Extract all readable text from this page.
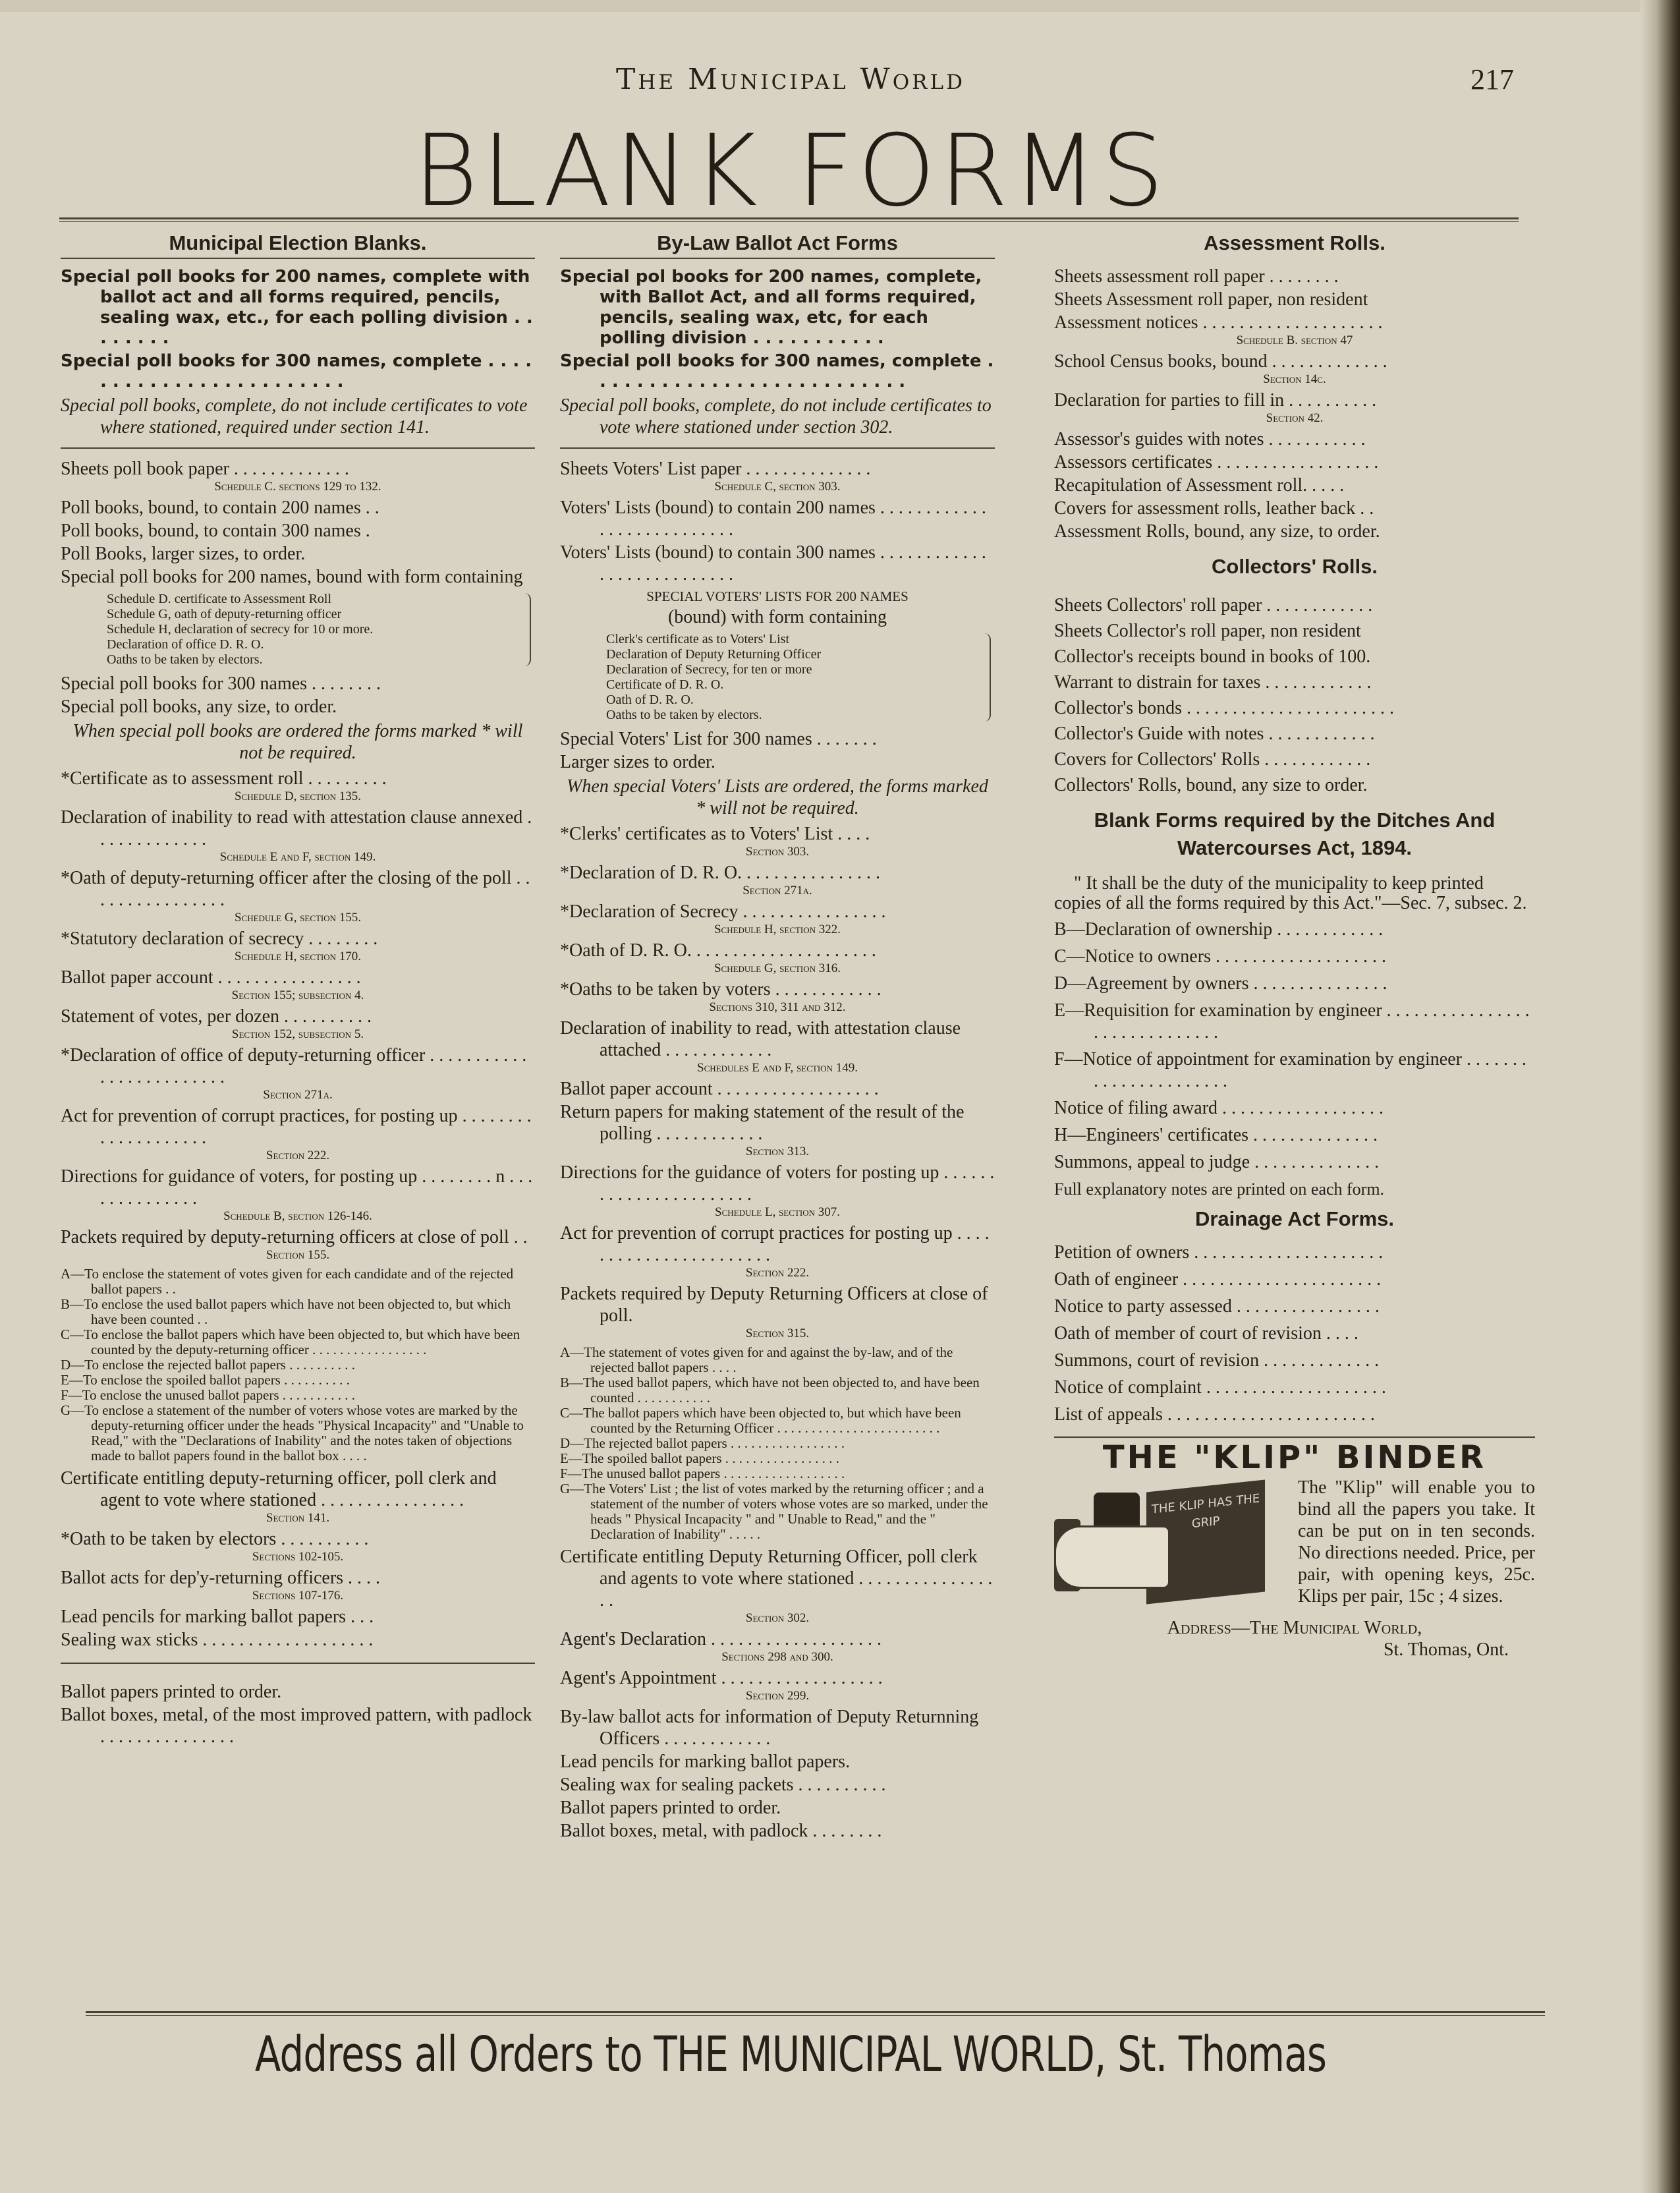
The Municipal World	217
BLANK FORMS
Municipal Election Blanks.
Special poll books for 200 names, complete with ballot act and all forms required, pencils, sealing wax, etc., for each polling division . . . . . . . .
Special poll books for 300 names, complete . . . . . . . . . . . . . . . . . . . . . . . .
Special poll books, complete, do not include certificates to vote where stationed, required under section 141.
Sheets poll book paper . . . . . . . . . . . . .
Schedule C. sections 129 to 132.
Poll books, bound, to contain 200 names . .
Poll books, bound, to contain 300 names .
Poll Books, larger sizes, to order.
Special poll books for 200 names, bound with form containing
Schedule D. certificate to Assessment Roll
Schedule G, oath of deputy-returning officer
Schedule H, declaration of secrecy for 10 or more.
Declaration of office D. R. O.
Oaths to be taken by electors.
Special poll books for 300 names . . . . . . . .
Special poll books, any size, to order.
When special poll books are ordered the forms marked * will not be required.
*Certificate as to assessment roll . . . . . . . . .
Schedule D, section 135.
Declaration of inability to read with attestation clause annexed . . . . . . . . . . . . .
Schedule E and F, section 149.
*Oath of deputy-returning officer after the closing of the poll . . . . . . . . . . . . . . . .
Schedule G, section 155.
*Statutory declaration of secrecy . . . . . . . .
Schedule H, section 170.
Ballot paper account . . . . . . . . . . . . . . . .
Section 155; subsection 4.
Statement of votes, per dozen . . . . . . . . . .
Section 152, subsection 5.
*Declaration of office of deputy-returning officer . . . . . . . . . . . . . . . . . . . . . . . . .
Section 271a.
Act for prevention of corrupt practices, for posting up . . . . . . . . . . . . . . . . . . . .
Section 222.
Directions for guidance of voters, for posting up . . . . . . . . n . . . . . . . . . . . . . .
Schedule B, section 126-146.
Packets required by deputy-returning officers at close of poll . .
Section 155.
A—To enclose the statement of votes given for each candidate and of the rejected ballot papers . .
B—To enclose the used ballot papers which have not been objected to, but which have been counted . .
C—To enclose the ballot papers which have been objected to, but which have been counted by the deputy-returning officer . . . . . . . . . . . . . . . . .
D—To enclose the rejected ballot papers . . . . . . . . . .
E—To enclose the spoiled ballot papers . . . . . . . . . .
F—To enclose the unused ballot papers . . . . . . . . . . .
G—To enclose a statement of the number of voters whose votes are marked by the deputy-returning officer under the heads "Physical Incapacity" and "Unable to Read," with the "Declarations of Inability" and the notes taken of objections made to ballot papers found in the ballot box . . . .
Certificate entitling deputy-returning officer, poll clerk and agent to vote where stationed . . . . . . . . . . . . . . . .
Section 141.
*Oath to be taken by electors . . . . . . . . . .
Sections 102-105.
Ballot acts for dep'y-returning officers . . . .
Sections 107-176.
Lead pencils for marking ballot papers . . .
Sealing wax sticks . . . . . . . . . . . . . . . . . . .
Ballot papers printed to order.
Ballot boxes, metal, of the most improved pattern, with padlock . . . . . . . . . . . . . . .
By-Law Ballot Act Forms
Special pol books for 200 names, complete, with Ballot Act, and all forms required, pencils, sealing wax, etc, for each polling division . . . . . . . . . . .
Special poll books for 300 names, complete . . . . . . . . . . . . . . . . . . . . . . . . . .
Special poll books, complete, do not include certificates to vote where stationed under section 302.
Sheets Voters' List paper . . . . . . . . . . . . . .
Schedule C, section 303.
Voters' Lists (bound) to contain 200 names . . . . . . . . . . . . . . . . . . . . . . . . . . .
Voters' Lists (bound) to contain 300 names . . . . . . . . . . . . . . . . . . . . . . . . . . .
SPECIAL VOTERS' LISTS FOR 200 NAMES
(bound) with form containing
Clerk's certificate as to Voters' List
Declaration of Deputy Returning Officer
Declaration of Secrecy, for ten or more
Certificate of D. R. O.
Oath of D. R. O.
Oaths to be taken by electors.
Special Voters' List for 300 names . . . . . . .
Larger sizes to order.
When special Voters' Lists are ordered, the forms marked * will not be required.
*Clerks' certificates as to Voters' List . . . .
Section 303.
*Declaration of D. R. O. . . . . . . . . . . . . . . .
Section 271a.
*Declaration of Secrecy . . . . . . . . . . . . . . . .
Schedule H, section 322.
*Oath of D. R. O. . . . . . . . . . . . . . . . . . . . .
Schedule G, section 316.
*Oaths to be taken by voters . . . . . . . . . . . .
Sections 310, 311 and 312.
Declaration of inability to read, with attestation clause attached . . . . . . . . . . . .
Schedules E and F, section 149.
Ballot paper account . . . . . . . . . . . . . . . . . .
Return papers for making statement of the result of the polling . . . . . . . . . . . .
Section 313.
Directions for the guidance of voters for posting up . . . . . . . . . . . . . . . . . . . . . . .
Schedule L, section 307.
Act for prevention of corrupt practices for posting up . . . . . . . . . . . . . . . . . . . . . . .
Section 222.
Packets required by Deputy Returning Officers at close of poll.
Section 315.
A—The statement of votes given for and against the by-law, and of the rejected ballot papers . . . .
B—The used ballot papers, which have not been objected to, and have been counted . . . . . . . . . . .
C—The ballot papers which have been objected to, but which have been counted by the Returning Officer . . . . . . . . . . . . . . . . . . . . . . . .
D—The rejected ballot papers . . . . . . . . . . . . . . . . .
E—The spoiled ballot papers . . . . . . . . . . . . . . . . .
F—The unused ballot papers . . . . . . . . . . . . . . . . . .
G—The Voters' List ; the list of votes marked by the returning officer ; and a statement of the number of voters whose votes are so marked, under the heads " Physical Incapacity " and " Unable to Read," and the " Declaration of Inability" . . . . .
Certificate entitling Deputy Returning Officer, poll clerk and agents to vote where stationed . . . . . . . . . . . . . . . . .
Section 302.
Agent's Declaration . . . . . . . . . . . . . . . . . . .
Sections 298 and 300.
Agent's Appointment . . . . . . . . . . . . . . . . . .
Section 299.
By-law ballot acts for information of Deputy Returnning Officers . . . . . . . . . . . .
Lead pencils for marking ballot papers.
Sealing wax for sealing packets . . . . . . . . . .
Ballot papers printed to order.
Ballot boxes, metal, with padlock . . . . . . . .
Assessment Rolls.
Sheets assessment roll paper . . . . . . . .
Sheets Assessment roll paper, non resident
Assessment notices . . . . . . . . . . . . . . . . . . . .
Schedule B. section 47
School Census books, bound . . . . . . . . . . . . .
Section 14c.
Declaration for parties to fill in . . . . . . . . . .
Section 42.
Assessor's guides with notes . . . . . . . . . . .
Assessors certificates . . . . . . . . . . . . . . . . . .
Recapitulation of Assessment roll. . . . .
Covers for assessment rolls, leather back . .
Assessment Rolls, bound, any size, to order.
Collectors' Rolls.
Sheets Collectors' roll paper . . . . . . . . . . . .
Sheets Collector's roll paper, non resident
Collector's receipts bound in books of 100.
Warrant to distrain for taxes . . . . . . . . . . . .
Collector's bonds . . . . . . . . . . . . . . . . . . . . . . .
Collector's Guide with notes . . . . . . . . . . . .
Covers for Collectors' Rolls . . . . . . . . . . . .
Collectors' Rolls, bound, any size to order.
Blank Forms required by the Ditches And Watercourses Act, 1894.
" It shall be the duty of the municipality to keep printed copies of all the forms required by this Act."—Sec. 7, subsec. 2.
B—Declaration of ownership . . . . . . . . . . . .
C—Notice to owners . . . . . . . . . . . . . . . . . . .
D—Agreement by owners . . . . . . . . . . . . . . .
E—Requisition for examination by engineer . . . . . . . . . . . . . . . . . . . . . . . . . . . . . .
F—Notice of appointment for examination by engineer . . . . . . . . . . . . . . . . . . . . . .
Notice of filing award . . . . . . . . . . . . . . . . . .
H—Engineers' certificates . . . . . . . . . . . . . .
Summons, appeal to judge . . . . . . . . . . . . . .
Full explanatory notes are printed on each form.
Drainage Act Forms.
Petition of owners . . . . . . . . . . . . . . . . . . . . .
Oath of engineer . . . . . . . . . . . . . . . . . . . . . .
Notice to party assessed . . . . . . . . . . . . . . . .
Oath of member of court of revision . . . .
Summons, court of revision . . . . . . . . . . . . .
Notice of complaint . . . . . . . . . . . . . . . . . . . .
List of appeals . . . . . . . . . . . . . . . . . . . . . . .
THE "KLIP" BINDER
THE KLIP HAS THE GRIP
The "Klip" will enable you to bind all the papers you take. It can be put on in ten seconds. No directions needed. Price, per pair, with opening keys, 25c. Klips per pair, 15c ; 4 sizes.
Address—The Municipal World,
St. Thomas, Ont.
Address all Orders to THE MUNICIPAL WORLD, St. Thomas
